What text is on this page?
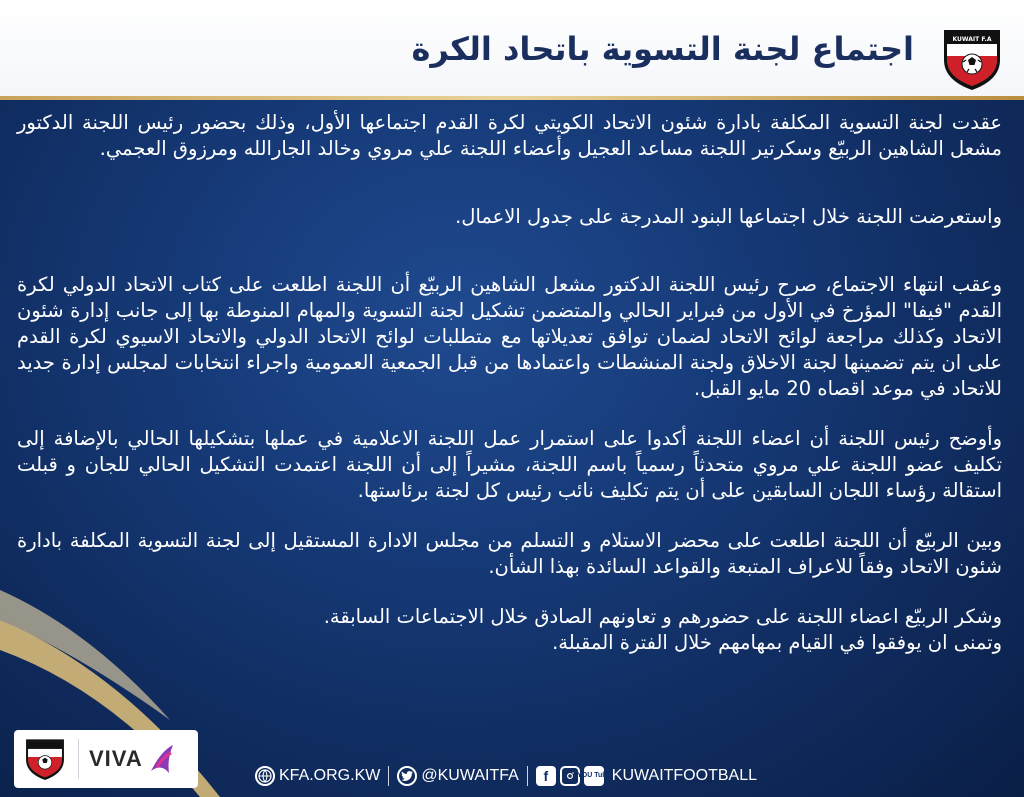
اجتماع لجنة التسوية باتحاد الكرة	KUWAIT F.A

عقدت لجنة التسوية المكلفة بادارة شئون الاتحاد الكويتي لكرة القدم اجتماعها الأول، وذلك بحضور رئيس اللجنة الدكتور مشعل الشاهين الربيّع وسكرتير اللجنة مساعد العجيل وأعضاء اللجنة علي مروي وخالد الجارالله ومرزوق العجمي.

واستعرضت اللجنة خلال اجتماعها البنود المدرجة على جدول الاعمال.

وعقب انتهاء الاجتماع، صرح رئيس اللجنة الدكتور مشعل الشاهين الربيّع أن اللجنة اطلعت على كتاب الاتحاد الدولي لكرة القدم "فيفا" المؤرخ في الأول من فبراير الحالي والمتضمن تشكيل لجنة التسوية والمهام المنوطة بها إلى جانب إدارة شئون الاتحاد وكذلك مراجعة لوائح الاتحاد لضمان توافق تعديلاتها مع متطلبات لوائح الاتحاد الدولي والاتحاد الاسيوي لكرة القدم على ان يتم تضمينها لجنة الاخلاق ولجنة المنشطات واعتمادها من قبل الجمعية العمومية واجراء انتخابات لمجلس إدارة جديد للاتحاد في موعد اقصاه 20 مايو القبل.

وأوضح رئيس اللجنة أن اعضاء اللجنة أكدوا على استمرار عمل اللجنة الاعلامية في عملها بتشكيلها الحالي بالإضافة إلى تكليف عضو اللجنة علي مروي متحدثاً رسمياً باسم اللجنة، مشيراً إلى أن اللجنة اعتمدت التشكيل الحالي للجان و قبلت استقالة رؤساء اللجان السابقين على أن يتم تكليف نائب رئيس كل لجنة برئاستها.

وبين الربيّع أن اللجنة اطلعت على محضر الاستلام و التسلم من مجلس الادارة المستقيل إلى لجنة التسوية المكلفة بادارة شئون الاتحاد وفقاً للاعراف المتبعة والقواعد السائدة بهذا الشأن.

وشكر الربيّع اعضاء اللجنة على حضورهم و تعاونهم الصادق خلال الاجتماعات السابقة.

وتمنى ان يوفقوا في القيام بمهامهم خلال الفترة المقبلة.

VIVA
KFA.ORG.KW	@KUWAITFA	f	YOU Tube KUWAITFOOTBALL
